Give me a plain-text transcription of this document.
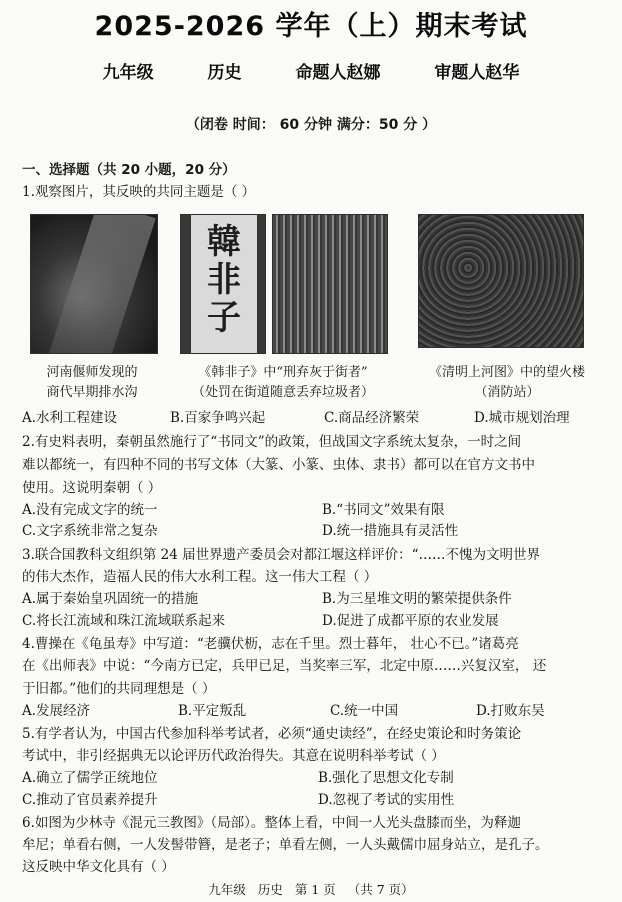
2025-2026 学年（上）期末考试
九年级	历史	命题人赵娜	审题人赵华
（闭卷 时间： 60 分钟 满分：50 分 ）
一、选择题（共 20 小题，20 分）
1.观察图片，其反映的共同主题是（ ）
韓非子
河南偃师发现的
商代早期排水沟
《韩非子》中“刑弃灰于街者”
（处罚在街道随意丢弃垃圾者）
《清明上河图》中的望火楼
（消防站）
A.水利工程建设	B.百家争鸣兴起	C.商品经济繁荣	D.城市规划治理
2.有史料表明，秦朝虽然施行了“书同文”的政策，但战国文字系统太复杂，一时之间
难以都统一，有四种不同的书写文体（大篆、小篆、虫体、隶书）都可以在官方文书中
使用。这说明秦朝（ ）
A.没有完成文字的统一	B.“书同文”效果有限
C.文字系统非常之复杂	D.统一措施具有灵活性
3.联合国教科文组织第 24 届世界遗产委员会对都江堰这样评价：“……不愧为文明世界
的伟大杰作，造福人民的伟大水利工程。这一伟大工程（ ）
A.属于秦始皇巩固统一的措施	B.为三星堆文明的繁荣提供条件
C.将长江流域和珠江流域联系起来	D.促进了成都平原的农业发展
4.曹操在《龟虽寿》中写道：“老骥伏枥，志在千里。烈士暮年， 壮心不已。”诸葛亮
在《出师表》中说：“今南方已定，兵甲已足，当奖率三军，北定中原……兴复汉室， 还
于旧都。”他们的共同理想是（ ）
A.发展经济	B.平定叛乱	C.统一中国	D.打败东吴
5.有学者认为，中国古代参加科举考试者，必须“通史读经”，在经史策论和时务策论
考试中，非引经据典无以论评历代政治得失。其意在说明科举考试（ ）
A.确立了儒学正统地位	B.强化了思想文化专制
C.推动了官员素养提升	D.忽视了考试的实用性
6.如图为少林寺《混元三教图》（局部）。整体上看，中间一人光头盘膝而坐，为释迦
牟尼；单看右侧，一人发髻带簪，是老子；单看左侧，一人头戴儒巾屈身站立，是孔子。
这反映中华文化具有（ ）
九年级 历史 第 1 页 （共 7 页）
